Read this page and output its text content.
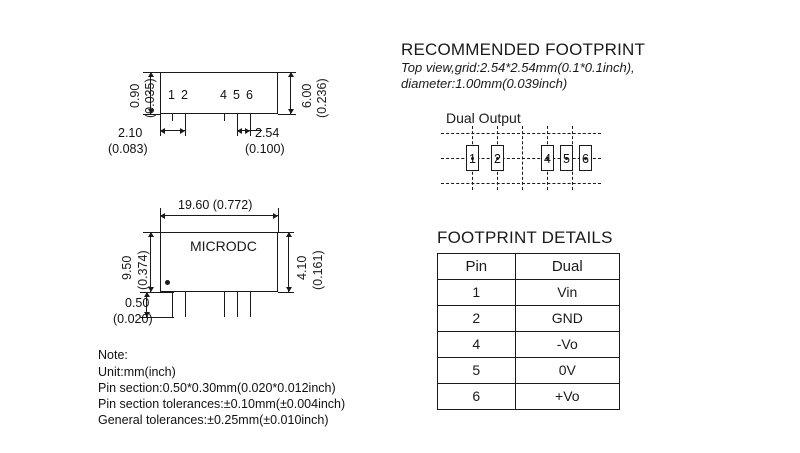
1 2	4 5 6
0.90 (0.035)	6.00 (0.236)
2.10
(0.083)
2.54
(0.100)
MICRODC
19.60 (0.772)
9.50 (0.374)	4.10 (0.161)
0.50
(0.020)
Note:
Unit:mm(inch)
Pin section:0.50*0.30mm(0.020*0.012inch)
Pin section tolerances:±0.10mm(±0.004inch)
General tolerances:±0.25mm(±0.010inch)
RECOMMENDED FOOTPRINT
Top view,grid:2.54*2.54mm(0.1*0.1inch),
diameter:1.00mm(0.039inch)
Dual Output
1 2	4 5 6
FOOTPRINT DETAILS
Pin	Dual
1	Vin
2	GND
4	-Vo
5	0V
6	+Vo
